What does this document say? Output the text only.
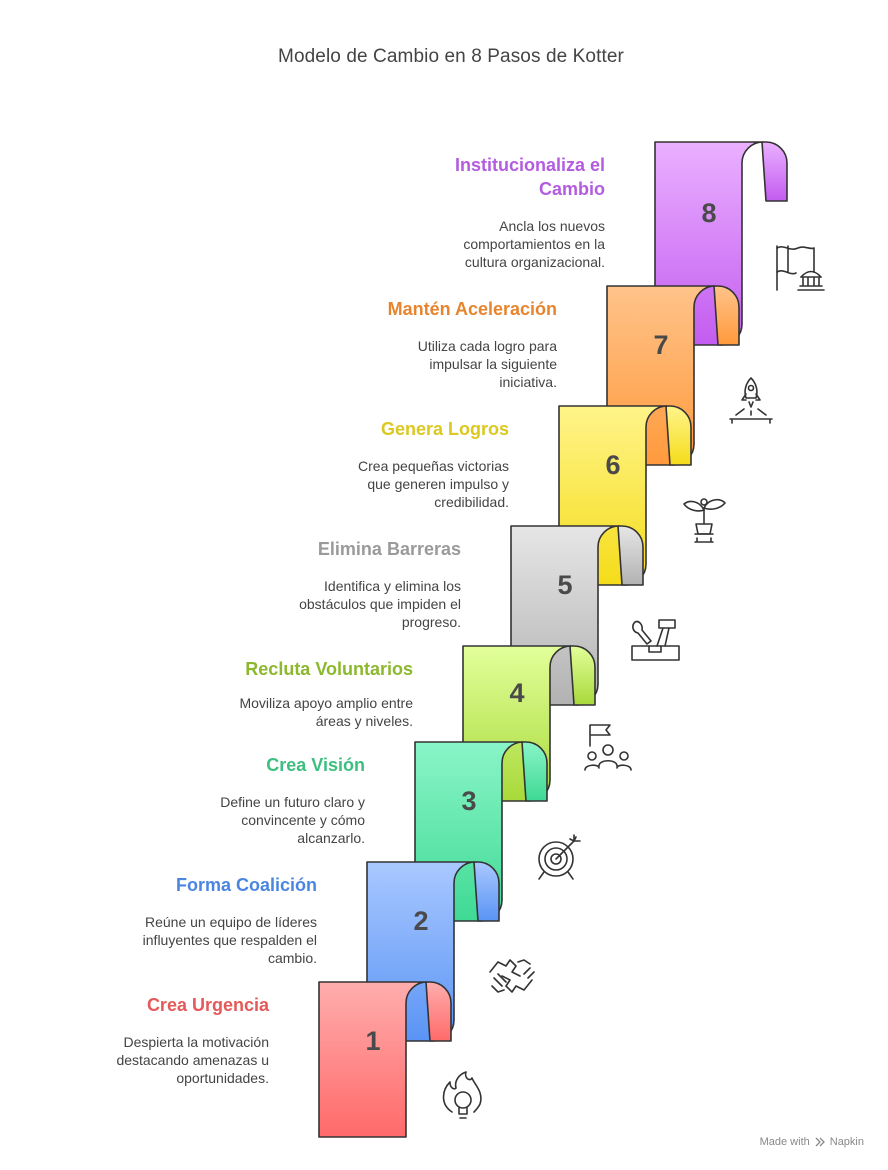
Modelo de Cambio en 8 Pasos de Kotter
1
2
3
4
5
6
7
8
Institucionaliza el Cambio
Ancla los nuevos
comportamientos en la
cultura organizacional.
Mantén Aceleración
Utiliza cada logro para
impulsar la siguiente
iniciativa.
Genera Logros
Crea pequeñas victorias
que generen impulso y
credibilidad.
Elimina Barreras
Identifica y elimina los
obstáculos que impiden el
progreso.
Recluta Voluntarios
Moviliza apoyo amplio entre
áreas y niveles.
Crea Visión
Define un futuro claro y
convincente y cómo
alcanzarlo.
Forma Coalición
Reúne un equipo de líderes
influyentes que respalden el
cambio.
Crea Urgencia
Despierta la motivación
destacando amenazas u
oportunidades.
Made with Napkin
